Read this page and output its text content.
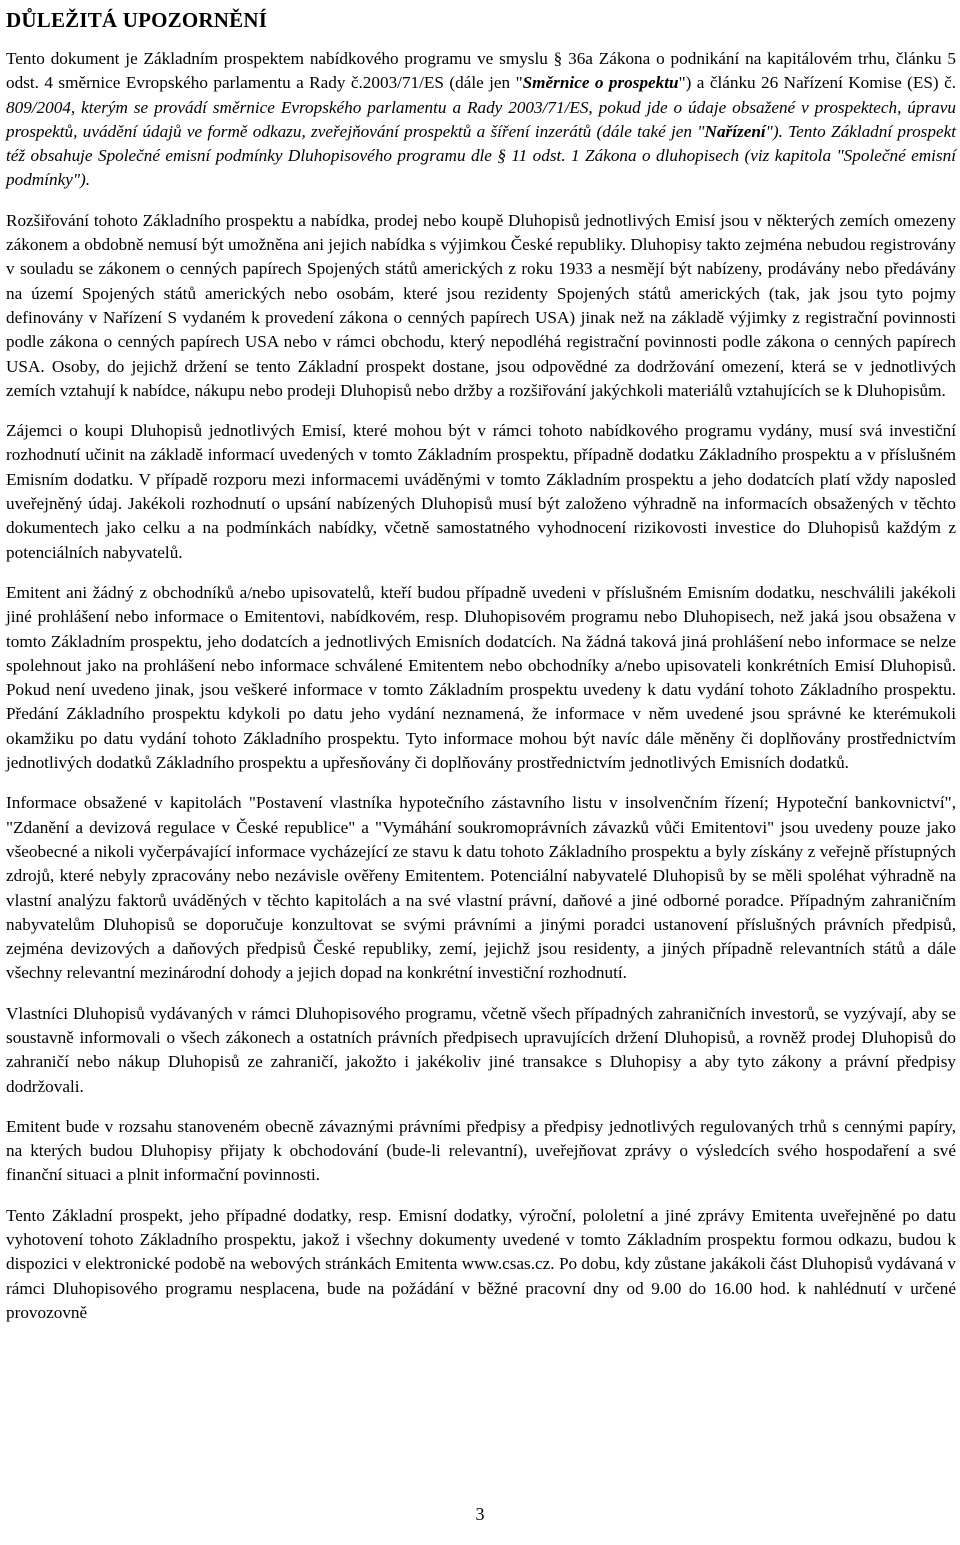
DŮLEŽITÁ UPOZORNĚNÍ

Tento dokument je Základním prospektem nabídkového programu ve smyslu § 36a Zákona o podnikání na kapitálovém trhu, článku 5 odst. 4 směrnice Evropského parlamentu a Rady č.2003/71/ES (dále jen "Směrnice o prospektu") a článku 26 Nařízení Komise (ES) č. 809/2004, kterým se provádí směrnice Evropského parlamentu a Rady 2003/71/ES, pokud jde o údaje obsažené v prospektech, úpravu prospektů, uvádění údajů ve formě odkazu, zveřejňování prospektů a šíření inzerátů (dále také jen "Nařízení"). Tento Základní prospekt též obsahuje Společné emisní podmínky Dluhopisového programu dle § 11 odst. 1 Zákona o dluhopisech (viz kapitola "Společné emisní podmínky").

Rozšiřování tohoto Základního prospektu a nabídka, prodej nebo koupě Dluhopisů jednotlivých Emisí jsou v některých zemích omezeny zákonem a obdobně nemusí být umožněna ani jejich nabídka s výjimkou České republiky. Dluhopisy takto zejména nebudou registrovány v souladu se zákonem o cenných papírech Spojených států amerických z roku 1933 a nesmějí být nabízeny, prodávány nebo předávány na území Spojených států amerických nebo osobám, které jsou rezidenty Spojených států amerických (tak, jak jsou tyto pojmy definovány v Nařízení S vydaném k provedení zákona o cenných papírech USA) jinak než na základě výjimky z registrační povinnosti podle zákona o cenných papírech USA nebo v rámci obchodu, který nepodléhá registrační povinnosti podle zákona o cenných papírech USA. Osoby, do jejichž držení se tento Základní prospekt dostane, jsou odpovědné za dodržování omezení, která se v jednotlivých zemích vztahují k nabídce, nákupu nebo prodeji Dluhopisů nebo držby a rozšiřování jakýchkoli materiálů vztahujících se k Dluhopisům.

Zájemci o koupi Dluhopisů jednotlivých Emisí, které mohou být v rámci tohoto nabídkového programu vydány, musí svá investiční rozhodnutí učinit na základě informací uvedených v tomto Základním prospektu, případně dodatku Základního prospektu a v příslušném Emisním dodatku. V případě rozporu mezi informacemi uváděnými v tomto Základním prospektu a jeho dodatcích platí vždy naposled uveřejněný údaj. Jakékoli rozhodnutí o upsání nabízených Dluhopisů musí být založeno výhradně na informacích obsažených v těchto dokumentech jako celku a na podmínkách nabídky, včetně samostatného vyhodnocení rizikovosti investice do Dluhopisů každým z potenciálních nabyvatelů.

Emitent ani žádný z obchodníků a/nebo upisovatelů, kteří budou případně uvedeni v příslušném Emisním dodatku, neschválili jakékoli jiné prohlášení nebo informace o Emitentovi, nabídkovém, resp. Dluhopisovém programu nebo Dluhopisech, než jaká jsou obsažena v tomto Základním prospektu, jeho dodatcích a jednotlivých Emisních dodatcích. Na žádná taková jiná prohlášení nebo informace se nelze spolehnout jako na prohlášení nebo informace schválené Emitentem nebo obchodníky a/nebo upisovateli konkrétních Emisí Dluhopisů. Pokud není uvedeno jinak, jsou veškeré informace v tomto Základním prospektu uvedeny k datu vydání tohoto Základního prospektu. Předání Základního prospektu kdykoli po datu jeho vydání neznamená, že informace v něm uvedené jsou správné ke kterémukoli okamžiku po datu vydání tohoto Základního prospektu. Tyto informace mohou být navíc dále měněny či doplňovány prostřednictvím jednotlivých dodatků Základního prospektu a upřesňovány či doplňovány prostřednictvím jednotlivých Emisních dodatků.

Informace obsažené v kapitolách "Postavení vlastníka hypotečního zástavního listu v insolvenčním řízení; Hypoteční bankovnictví", "Zdanění a devizová regulace v České republice" a "Vymáhání soukromoprávních závazků vůči Emitentovi" jsou uvedeny pouze jako všeobecné a nikoli vyčerpávající informace vycházející ze stavu k datu tohoto Základního prospektu a byly získány z veřejně přístupných zdrojů, které nebyly zpracovány nebo nezávisle ověřeny Emitentem. Potenciální nabyvatelé Dluhopisů by se měli spoléhat výhradně na vlastní analýzu faktorů uváděných v těchto kapitolách a na své vlastní právní, daňové a jiné odborné poradce. Případným zahraničním nabyvatelům Dluhopisů se doporučuje konzultovat se svými právními a jinými poradci ustanovení příslušných právních předpisů, zejména devizových a daňových předpisů České republiky, zemí, jejichž jsou residenty, a jiných případně relevantních států a dále všechny relevantní mezinárodní dohody a jejich dopad na konkrétní investiční rozhodnutí.

Vlastníci Dluhopisů vydávaných v rámci Dluhopisového programu, včetně všech případných zahraničních investorů, se vyzývají, aby se soustavně informovali o všech zákonech a ostatních právních předpisech upravujících držení Dluhopisů, a rovněž prodej Dluhopisů do zahraničí nebo nákup Dluhopisů ze zahraničí, jakožto i jakékoliv jiné transakce s Dluhopisy a aby tyto zákony a právní předpisy dodržovali.

Emitent bude v rozsahu stanoveném obecně závaznými právními předpisy a předpisy jednotlivých regulovaných trhů s cennými papíry, na kterých budou Dluhopisy přijaty k obchodování (bude-li relevantní), uveřejňovat zprávy o výsledcích svého hospodaření a své finanční situaci a plnit informační povinnosti.

Tento Základní prospekt, jeho případné dodatky, resp. Emisní dodatky, výroční, pololetní a jiné zprávy Emitenta uveřejněné po datu vyhotovení tohoto Základního prospektu, jakož i všechny dokumenty uvedené v tomto Základním prospektu formou odkazu, budou k dispozici v elektronické podobě na webových stránkách Emitenta www.csas.cz. Po dobu, kdy zůstane jakákoli část Dluhopisů vydávaná v rámci Dluhopisového programu nesplacena, bude na požádání v běžné pracovní dny od 9.00 do 16.00 hod. k nahlédnutí v určené provozovně

3
